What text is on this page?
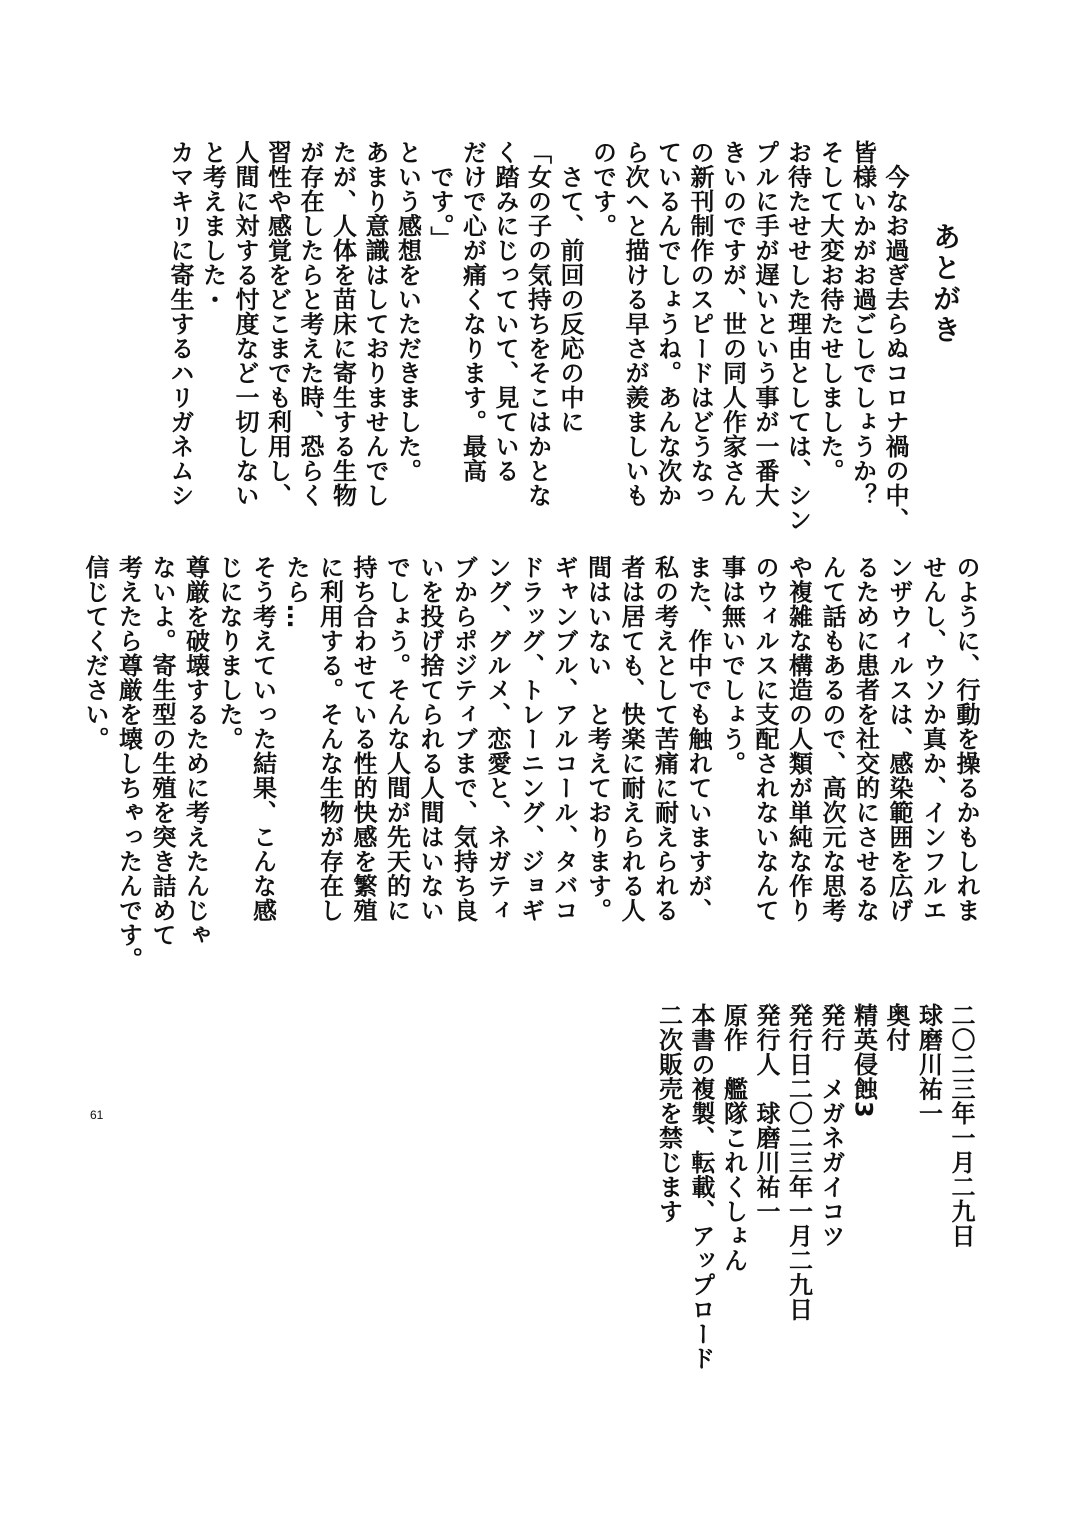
あとがき
　今なお過ぎ去らぬコロナ禍の中、
皆様いかがお過ごしでしょうか？
そして大変お待たせしました。
お待たせせした理由としては、シン
プルに手が遅いという事が一番大
きいのですが、世の同人作家さん
の新刊制作のスピードはどうなっ
ているんでしょうね。あんな次か
ら次へと描ける早さが羨ましいも
のです。
　さて、前回の反応の中に
「女の子の気持ちをそこはかとな
く踏みにじっていて、見ている
だけで心が痛くなります。最高
　です。」
という感想をいただきました。
あまり意識はしておりませんでし
たが、人体を苗床に寄生する生物
が存在したらと考えた時、恐らく
習性や感覚をどこまでも利用し、
人間に対する忖度など一切しない
と考えました・
カマキリに寄生するハリガネムシ
のように、行動を操るかもしれま
せんし、ウソか真か、インフルエ
ンザウィルスは、感染範囲を広げ
るために患者を社交的にさせるな
んて話もあるので、高次元な思考
や複雑な構造の人類が単純な作り
のウィルスに支配されないなんて
事は無いでしょう。
また、作中でも触れていますが、
私の考えとして苦痛に耐えられる
者は居ても、快楽に耐えられる人
間はいない　と考えております。
ギャンブル、アルコール、タバコ
ドラッグ、トレーニング、ジョギ
ング、グルメ、恋愛と、ネガティ
ブからポジティブまで、気持ち良
いを投げ捨てられる人間はいない
でしょう。そんな人間が先天的に
持ち合わせている性的快感を繁殖
に利用する。そんな生物が存在し
たら…
そう考えていった結果、こんな感
じになりました。
尊厳を破壊するために考えたんじゃ
ないよ。寄生型の生殖を突き詰めて
考えたら尊厳を壊しちゃったんです。
信じてください。
二〇二三年一月二九日
球磨川祐一
奥付
精英侵蝕3
発行　メガネガイコツ
発行日二〇二三年一月二九日
発行人　球磨川祐一
原作　艦隊これくしょん
本書の複製、転載、アップロード
二次販売を禁じます
61
